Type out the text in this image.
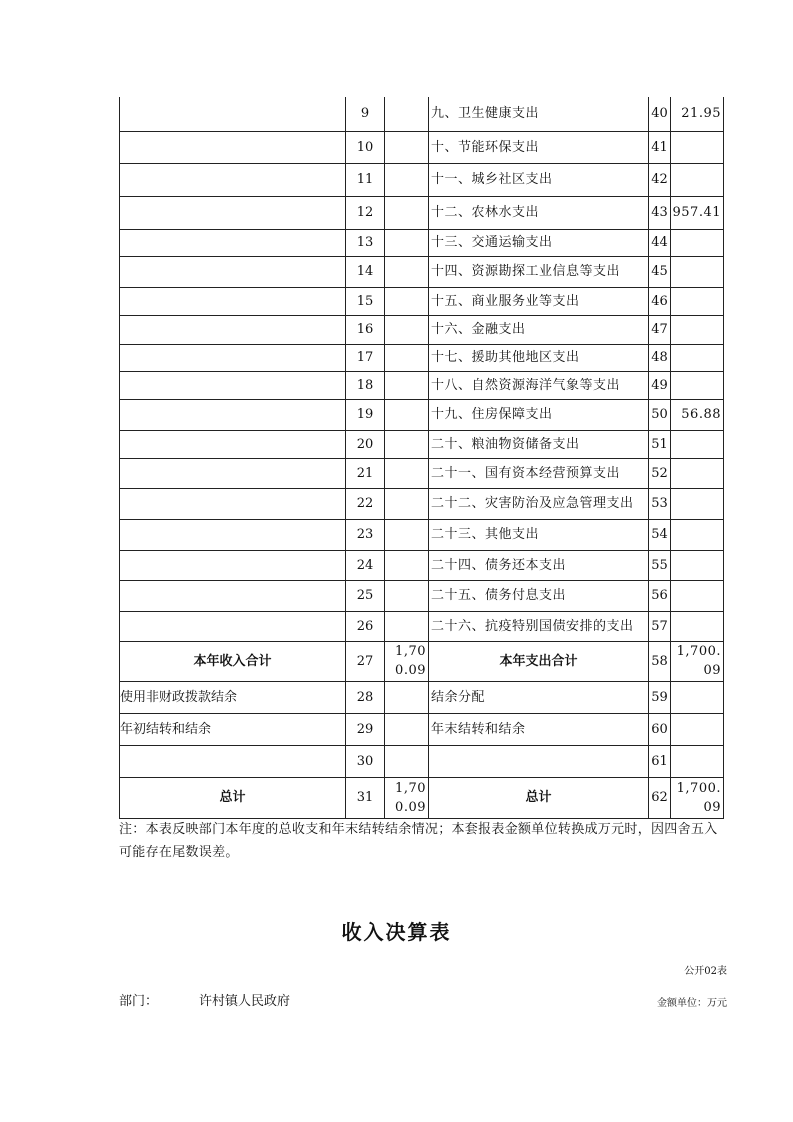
	9		九、卫生健康支出	40	21.95
	10		十、节能环保支出	41	
	11		十一、城乡社区支出	42	
	12		十二、农林水支出	43	957.41
	13		十三、交通运输支出	44	
	14		十四、资源勘探工业信息等支出	45	
	15		十五、商业服务业等支出	46	
	16		十六、金融支出	47	
	17		十七、援助其他地区支出	48	
	18		十八、自然资源海洋气象等支出	49	
	19		十九、住房保障支出	50	56.88
	20		二十、粮油物资储备支出	51	
	21		二十一、国有资本经营预算支出	52	
	22		二十二、灾害防治及应急管理支出	53	
	23		二十三、其他支出	54	
	24		二十四、债务还本支出	55	
	25		二十五、债务付息支出	56	
	26		二十六、抗疫特别国债安排的支出	57	
本年收入合计	27	1,700.09	本年支出合计	58	1,700.09
使用非财政拨款结余	28		结余分配	59	
年初结转和结余	29		年末结转和结余	60	
	30			61	
总计	31	1,700.09	总计	62	1,700.09
注：本表反映部门本年度的总收支和年末结转结余情况；本套报表金额单位转换成万元时，因四舍五入可能存在尾数误差。
收入决算表
公开02表
部门：	许村镇人民政府	金额单位：万元
